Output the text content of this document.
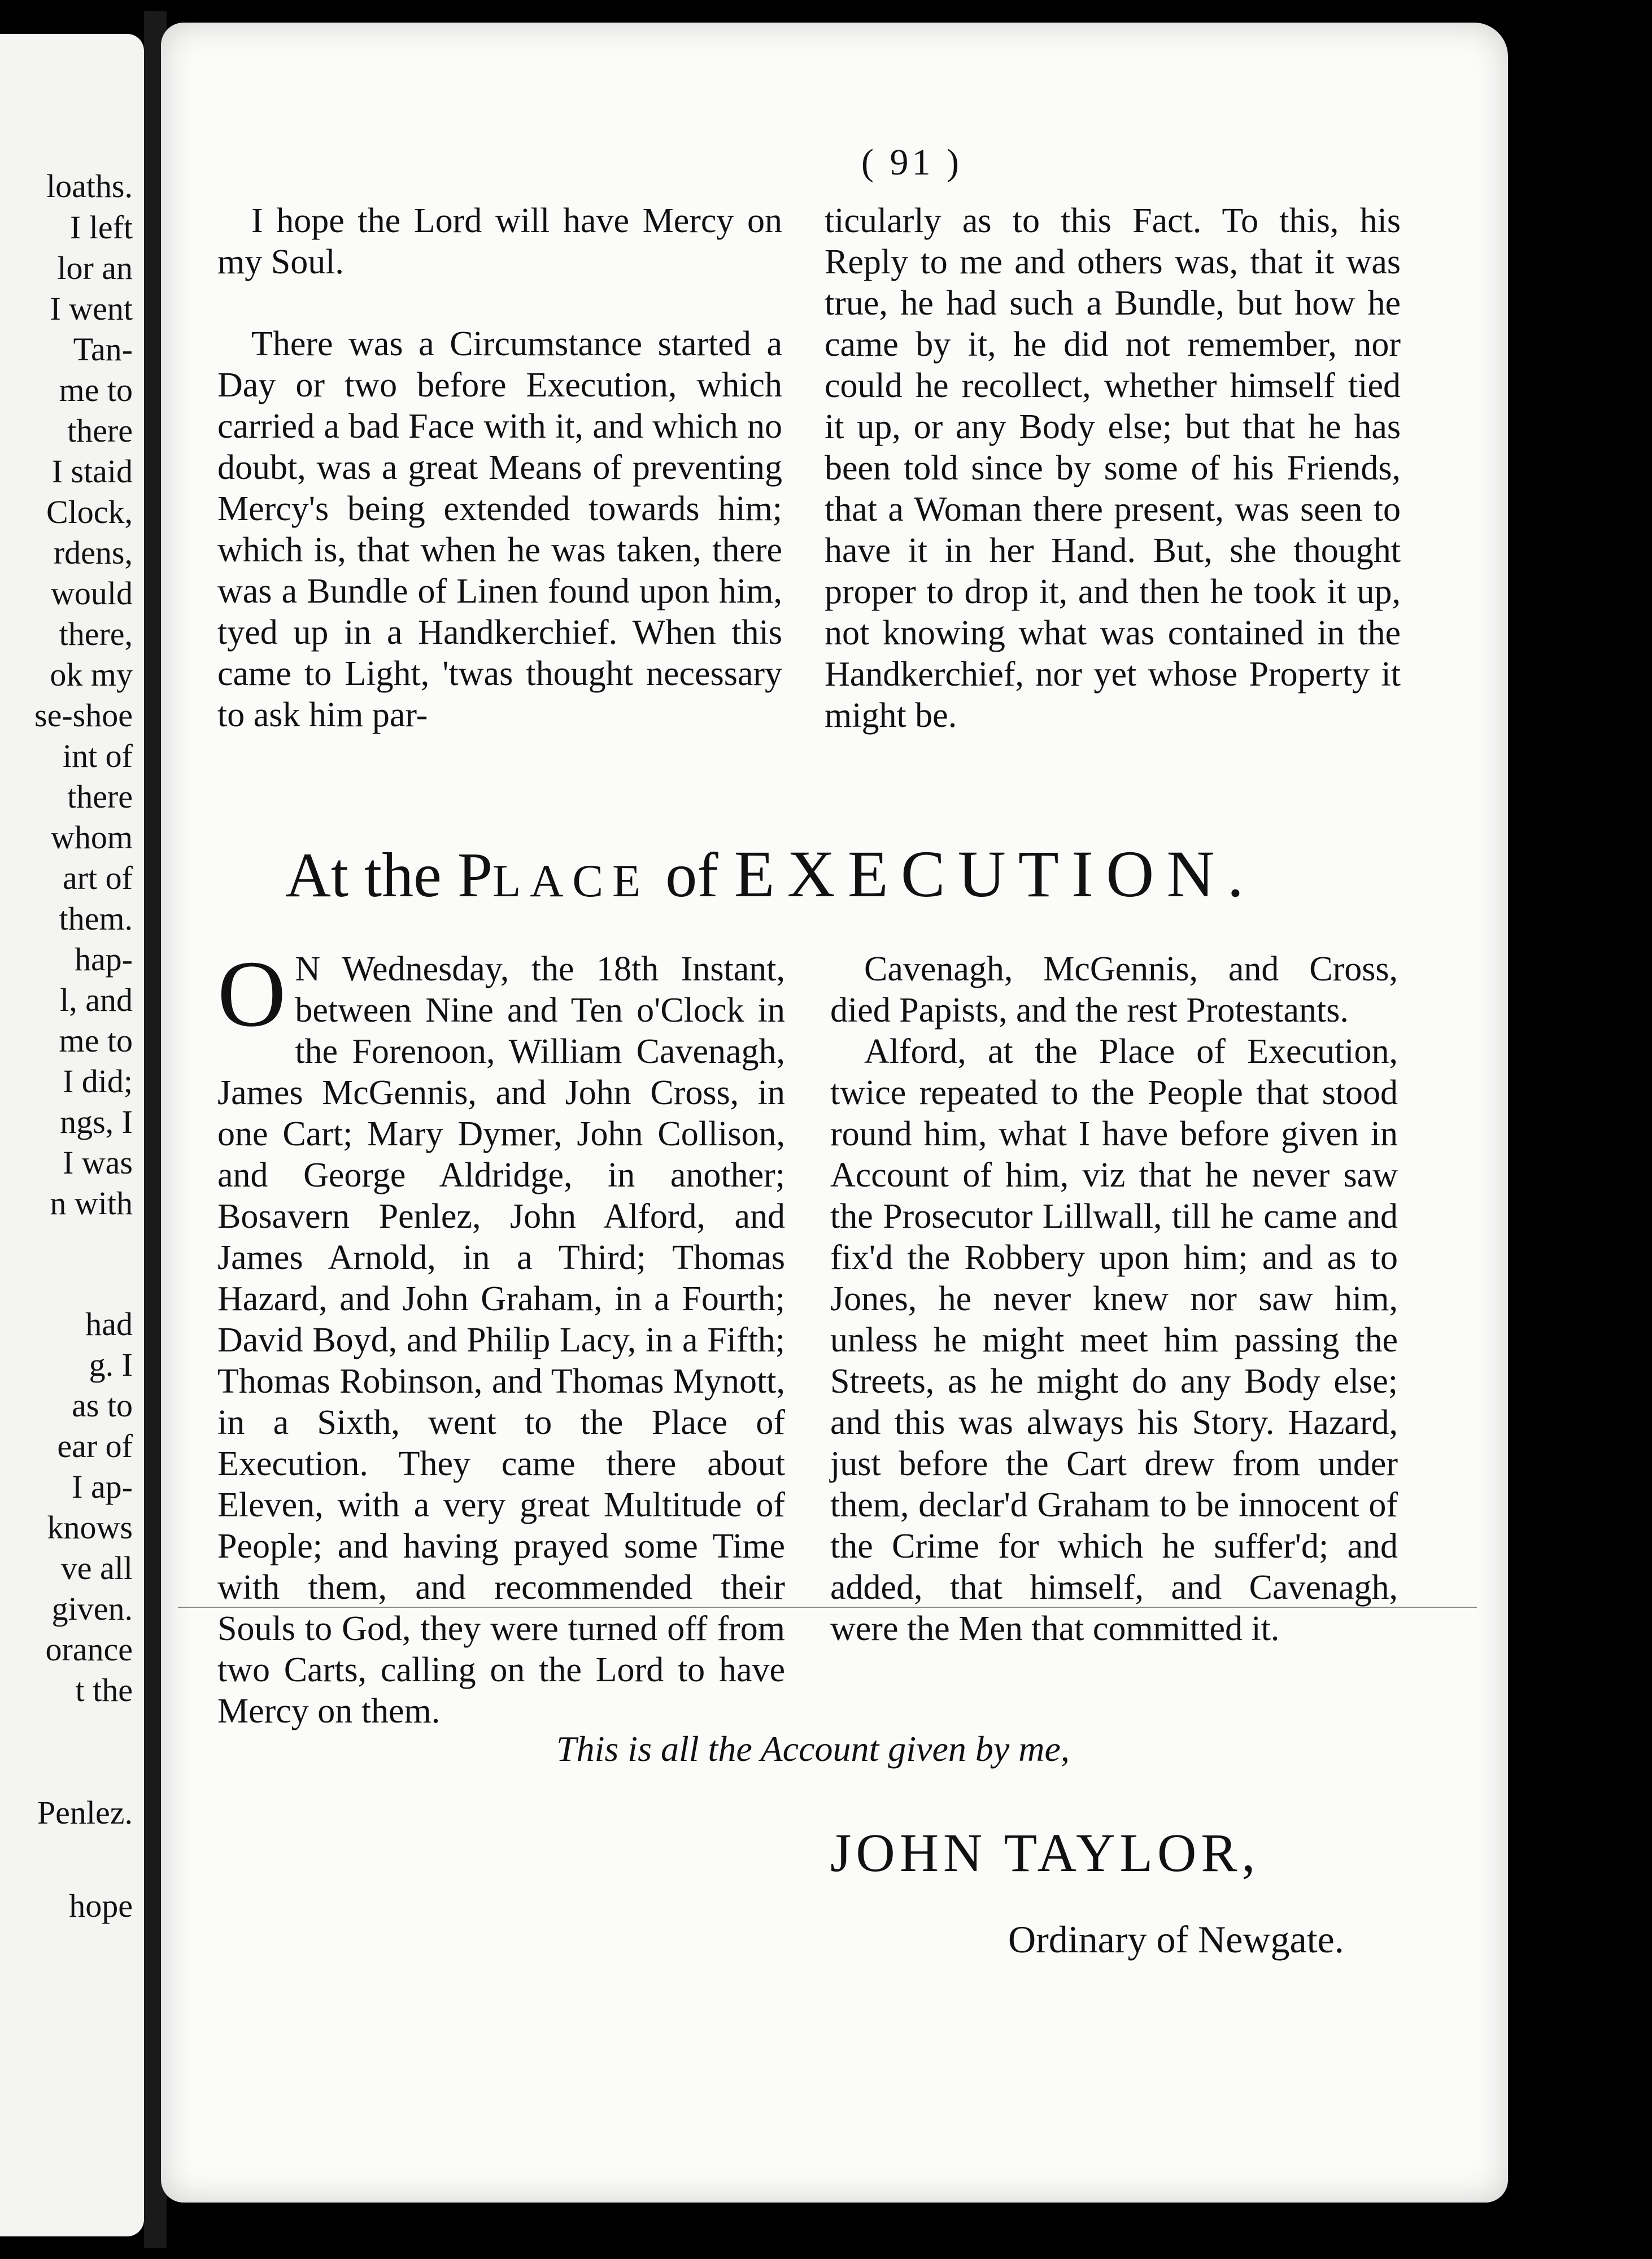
loaths.
I left
lor an
I went
Tan-
me to
there
I staid
Clock,
rdens,
would
there,
ok my
se-shoe
int of
there
whom
art of
them.
hap-
l, and
me to
I did;
ngs, I
I was
n with
had
g. I
as to
ear of
I ap-
knows
ve all
given.
orance
t the
Penlez.
hope
( 91 )

I hope the Lord will have Mercy on my Soul.

There was a Circumstance started a Day or two before Execution, which carried a bad Face with it, and which no doubt, was a great Means of preventing Mercy's being extended towards him; which is, that when he was taken, there was a Bundle of Linen found upon him, tyed up in a Handkerchief. When this came to Light, 'twas thought necessary to ask him par-

ticularly as to this Fact. To this, his Reply to me and others was, that it was true, he had such a Bundle, but how he came by it, he did not remember, nor could he recollect, whether himself tied it up, or any Body else; but that he has been told since by some of his Friends, that a Woman there present, was seen to have it in her Hand. But, she thought proper to drop it, and then he took it up, not knowing what was contained in the Handkerchief, nor yet whose Property it might be.

At the PLACE of EXECUTION.
O N Wednesday, the 18th Instant, between Nine and Ten o'Clock in the Forenoon, William Cavenagh, James McGennis, and John Cross, in one Cart; Mary Dymer, John Collison, and George Aldridge, in another; Bosavern Penlez, John Alford, and James Arnold, in a Third; Thomas Hazard, and John Graham, in a Fourth; David Boyd, and Philip Lacy, in a Fifth; Thomas Robinson, and Thomas Mynott, in a Sixth, went to the Place of Execution. They came there about Eleven, with a very great Multitude of People; and having prayed some Time with them, and recommended their Souls to God, they were turned off from two Carts, calling on the Lord to have Mercy on them.

Cavenagh, McGennis, and Cross, died Papists, and the rest Protestants.

Alford, at the Place of Execution, twice repeated to the People that stood round him, what I have before given in Account of him, viz that he never saw the Prosecutor Lillwall, till he came and fix'd the Robbery upon him; and as to Jones, he never knew nor saw him, unless he might meet him passing the Streets, as he might do any Body else; and this was always his Story. Hazard, just before the Cart drew from under them, declar'd Graham to be innocent of the Crime for which he suffer'd; and added, that himself, and Cavenagh, were the Men that committed it.

This is all the Account given by me,
JOHN TAYLOR,
Ordinary of Newgate.
